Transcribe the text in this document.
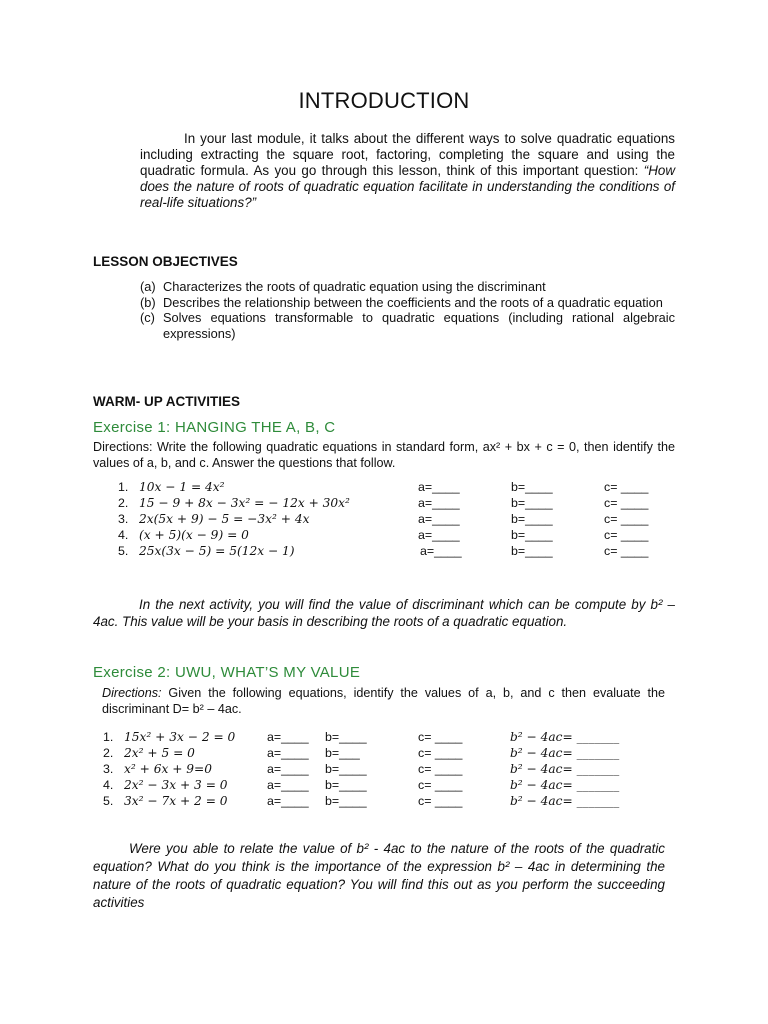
INTRODUCTION
In your last module, it talks about the different ways to solve quadratic equations including extracting the square root, factoring, completing the square and using the quadratic formula. As you go through this lesson, think of this important question: “How does the nature of roots of quadratic equation facilitate in understanding the conditions of real-life situations?”
LESSON OBJECTIVES
(a) Characterizes the roots of quadratic equation using the discriminant
(b) Describes the relationship between the coefficients and the roots of a quadratic equation
(c) Solves equations transformable to quadratic equations (including rational algebraic expressions)
WARM- UP ACTIVITIES
Exercise 1: HANGING THE A, B, C
Directions: Write the following quadratic equations in standard form, ax² + bx + c = 0, then identify the values of a, b, and c. Answer the questions that follow.
1. 10x − 1 = 4x²	a=____	b=____	c= ____
2. 15 − 9 + 8x − 3x² = − 12x + 30x²	a=____	b=____	c= ____
3. 2x(5x + 9) − 5 = −3x² + 4x	a=____	b=____	c= ____
4. (x + 5)(x − 9) = 0	a=____	b=____	c= ____
5. 25x(3x − 5) = 5(12x − 1)	a=____	b=____	c= ____
In the next activity, you will find the value of discriminant which can be compute by b² – 4ac. This value will be your basis in describing the roots of a quadratic equation.
Exercise 2: UWU, WHAT’S MY VALUE
Directions: Given the following equations, identify the values of a, b, and c then evaluate the discriminant D= b² – 4ac.
1. 15x² + 3x − 2 = 0	a=____ b=____	c= ____	b² − 4ac= _______
2. 2x² + 5 = 0	a=____ b=___	c= ____	b² − 4ac= _______
3. x² + 6x + 9=0	a=____ b=____	c= ____	b² − 4ac= _______
4. 2x² − 3x + 3 = 0	a=____ b=____	c= ____	b² − 4ac= _______
5. 3x² − 7x + 2 = 0	a=____ b=____	c= ____	b² − 4ac= _______
Were you able to relate the value of b² - 4ac to the nature of the roots of the quadratic equation? What do you think is the importance of the expression b² – 4ac in determining the nature of the roots of quadratic equation? You will find this out as you perform the succeeding activities
